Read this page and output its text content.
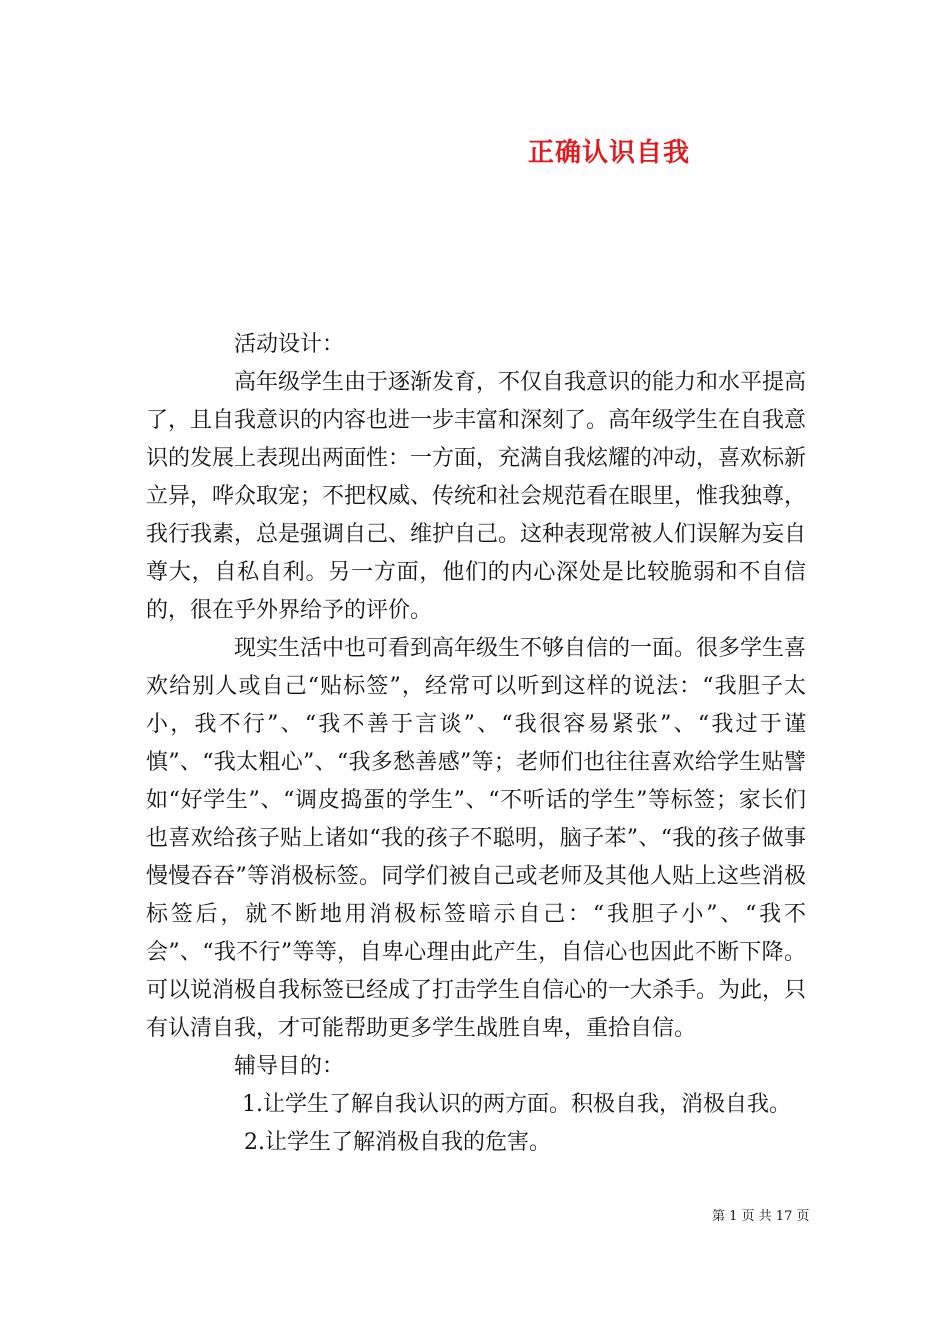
正确认识自我

活动设计：

高年级学生由于逐渐发育，不仅自我意识的能力和水平提高了，且自我意识的内容也进一步丰富和深刻了。高年级学生在自我意识的发展上表现出两面性：一方面，充满自我炫耀的冲动，喜欢标新立异，哗众取宠；不把权威、传统和社会规范看在眼里，惟我独尊，我行我素，总是强调自己、维护自己。这种表现常被人们误解为妄自尊大，自私自利。另一方面，他们的内心深处是比较脆弱和不自信的，很在乎外界给予的评价。

现实生活中也可看到高年级生不够自信的一面。很多学生喜欢给别人或自己“贴标签”，经常可以听到这样的说法：“我胆子太小，我不行”、“我不善于言谈”、“我很容易紧张”、“我过于谨慎”、“我太粗心”、“我多愁善感”等；老师们也往往喜欢给学生贴譬如“好学生”、“调皮捣蛋的学生”、“不听话的学生”等标签；家长们也喜欢给孩子贴上诸如“我的孩子不聪明，脑子苯”、“我的孩子做事慢慢吞吞”等消极标签。同学们被自己或老师及其他人贴上这些消极标签后，就不断地用消极标签暗示自己：“我胆子小”、“我不会”、“我不行”等等，自卑心理由此产生，自信心也因此不断下降。可以说消极自我标签已经成了打击学生自信心的一大杀手。为此，只有认清自我，才可能帮助更多学生战胜自卑，重拾自信。

辅导目的：

1.让学生了解自我认识的两方面。积极自我，消极自我。

2.让学生了解消极自我的危害。

第 1 页 共 17 页
